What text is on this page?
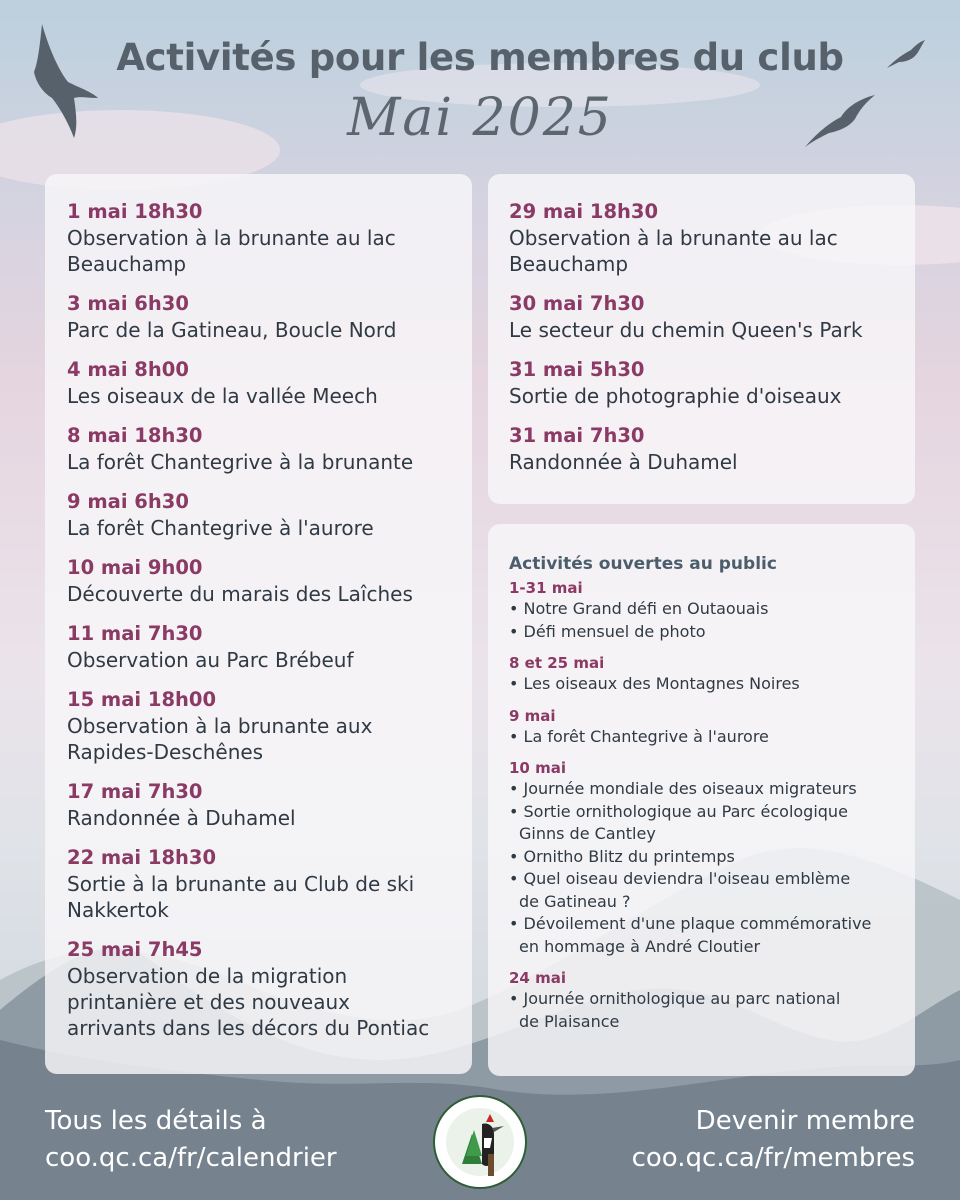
Activités pour les membres du club
Mai 2025
1 mai 18h30
Observation à la brunante au lac
Beauchamp
3 mai 6h30
Parc de la Gatineau, Boucle Nord
4 mai 8h00
Les oiseaux de la vallée Meech
8 mai 18h30
La forêt Chantegrive à la brunante
9 mai 6h30
La forêt Chantegrive à l'aurore
10 mai 9h00
Découverte du marais des Laîches
11 mai 7h30
Observation au Parc Brébeuf
15 mai 18h00
Observation à la brunante aux
Rapides-Deschênes
17 mai 7h30
Randonnée à Duhamel
22 mai 18h30
Sortie à la brunante au Club de ski
Nakkertok
25 mai 7h45
Observation de la migration
printanière et des nouveaux
arrivants dans les décors du Pontiac
29 mai 18h30
Observation à la brunante au lac
Beauchamp
30 mai 7h30
Le secteur du chemin Queen's Park
31 mai 5h30
Sortie de photographie d'oiseaux
31 mai 7h30
Randonnée à Duhamel
Activités ouvertes au public
1-31 mai
• Notre Grand défi en Outaouais
• Défi mensuel de photo
8 et 25 mai
• Les oiseaux des Montagnes Noires
9 mai
• La forêt Chantegrive à l'aurore
10 mai
• Journée mondiale des oiseaux migrateurs
• Sortie ornithologique au Parc écologique
Ginns de Cantley
• Ornitho Blitz du printemps
• Quel oiseau deviendra l'oiseau emblème
de Gatineau ?
• Dévoilement d'une plaque commémorative
en hommage à André Cloutier
24 mai
• Journée ornithologique au parc national
de Plaisance
Tous les détails à
coo.qc.ca/fr/calendrier
Devenir membre
coo.qc.ca/fr/membres
